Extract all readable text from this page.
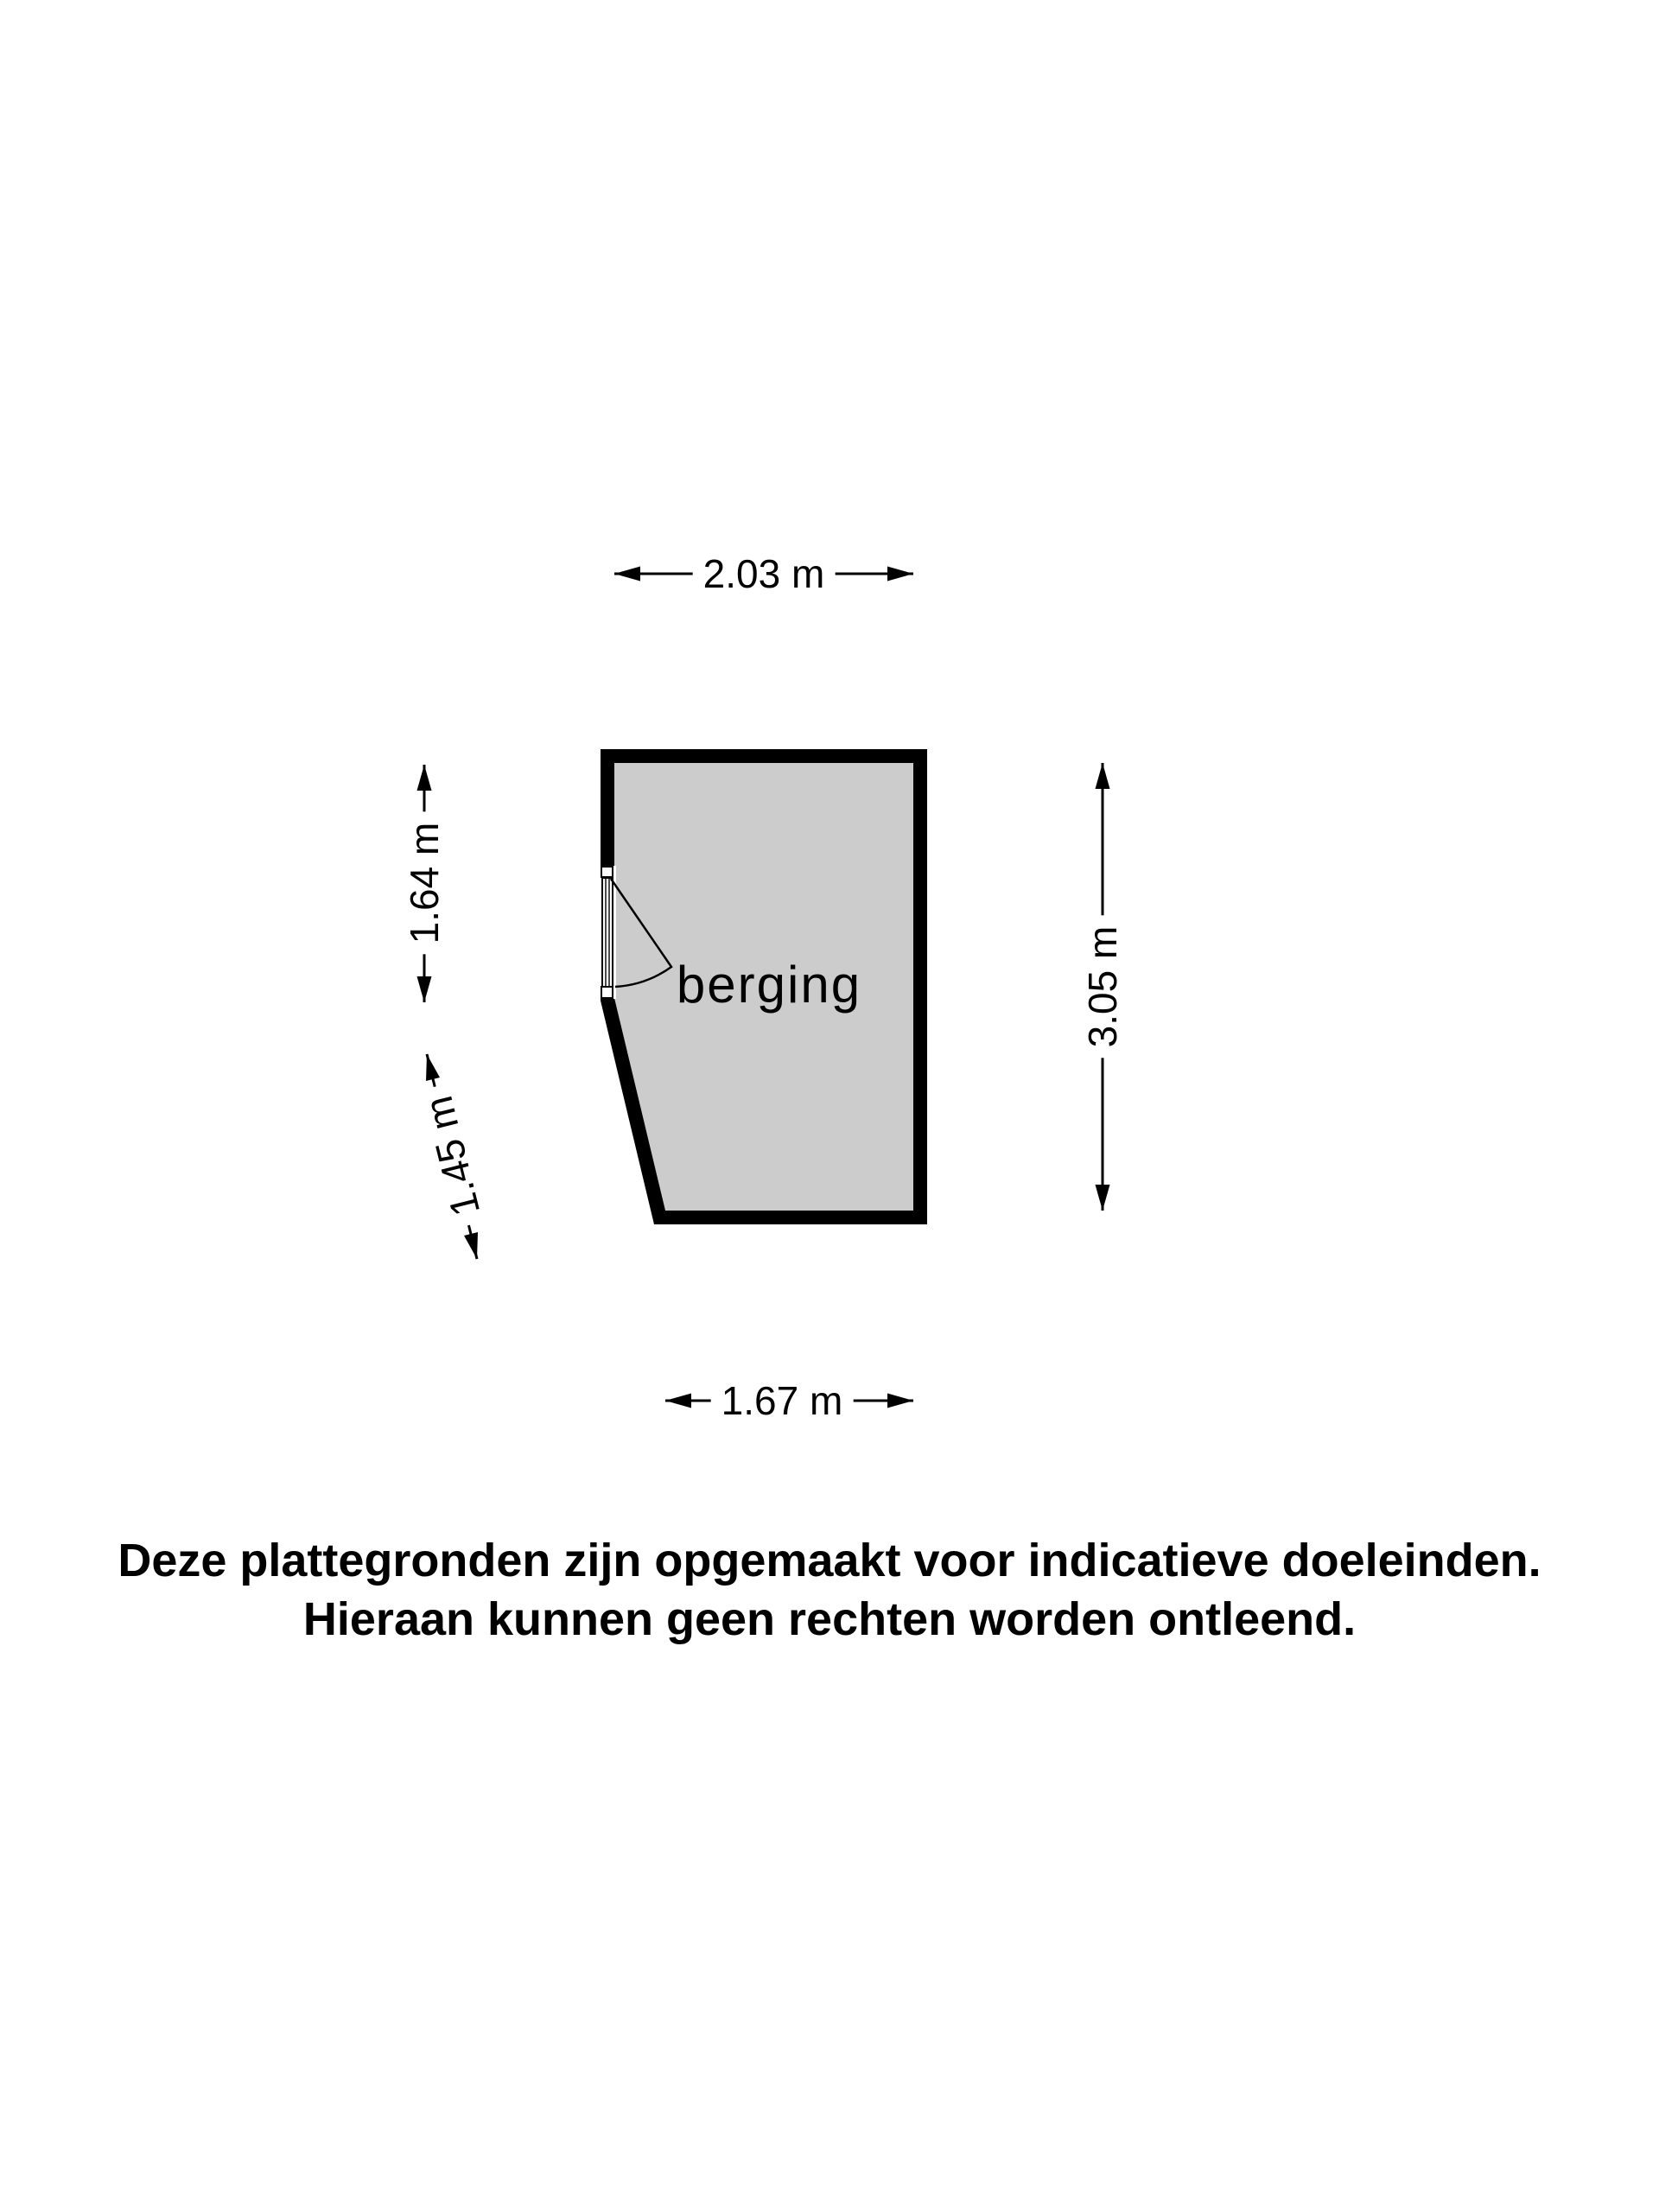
2.03 m
1.64 m
1.45 m
3.05 m
1.67 m
berging
Deze plattegronden zijn opgemaakt voor indicatieve doeleinden.
Hieraan kunnen geen rechten worden ontleend.
